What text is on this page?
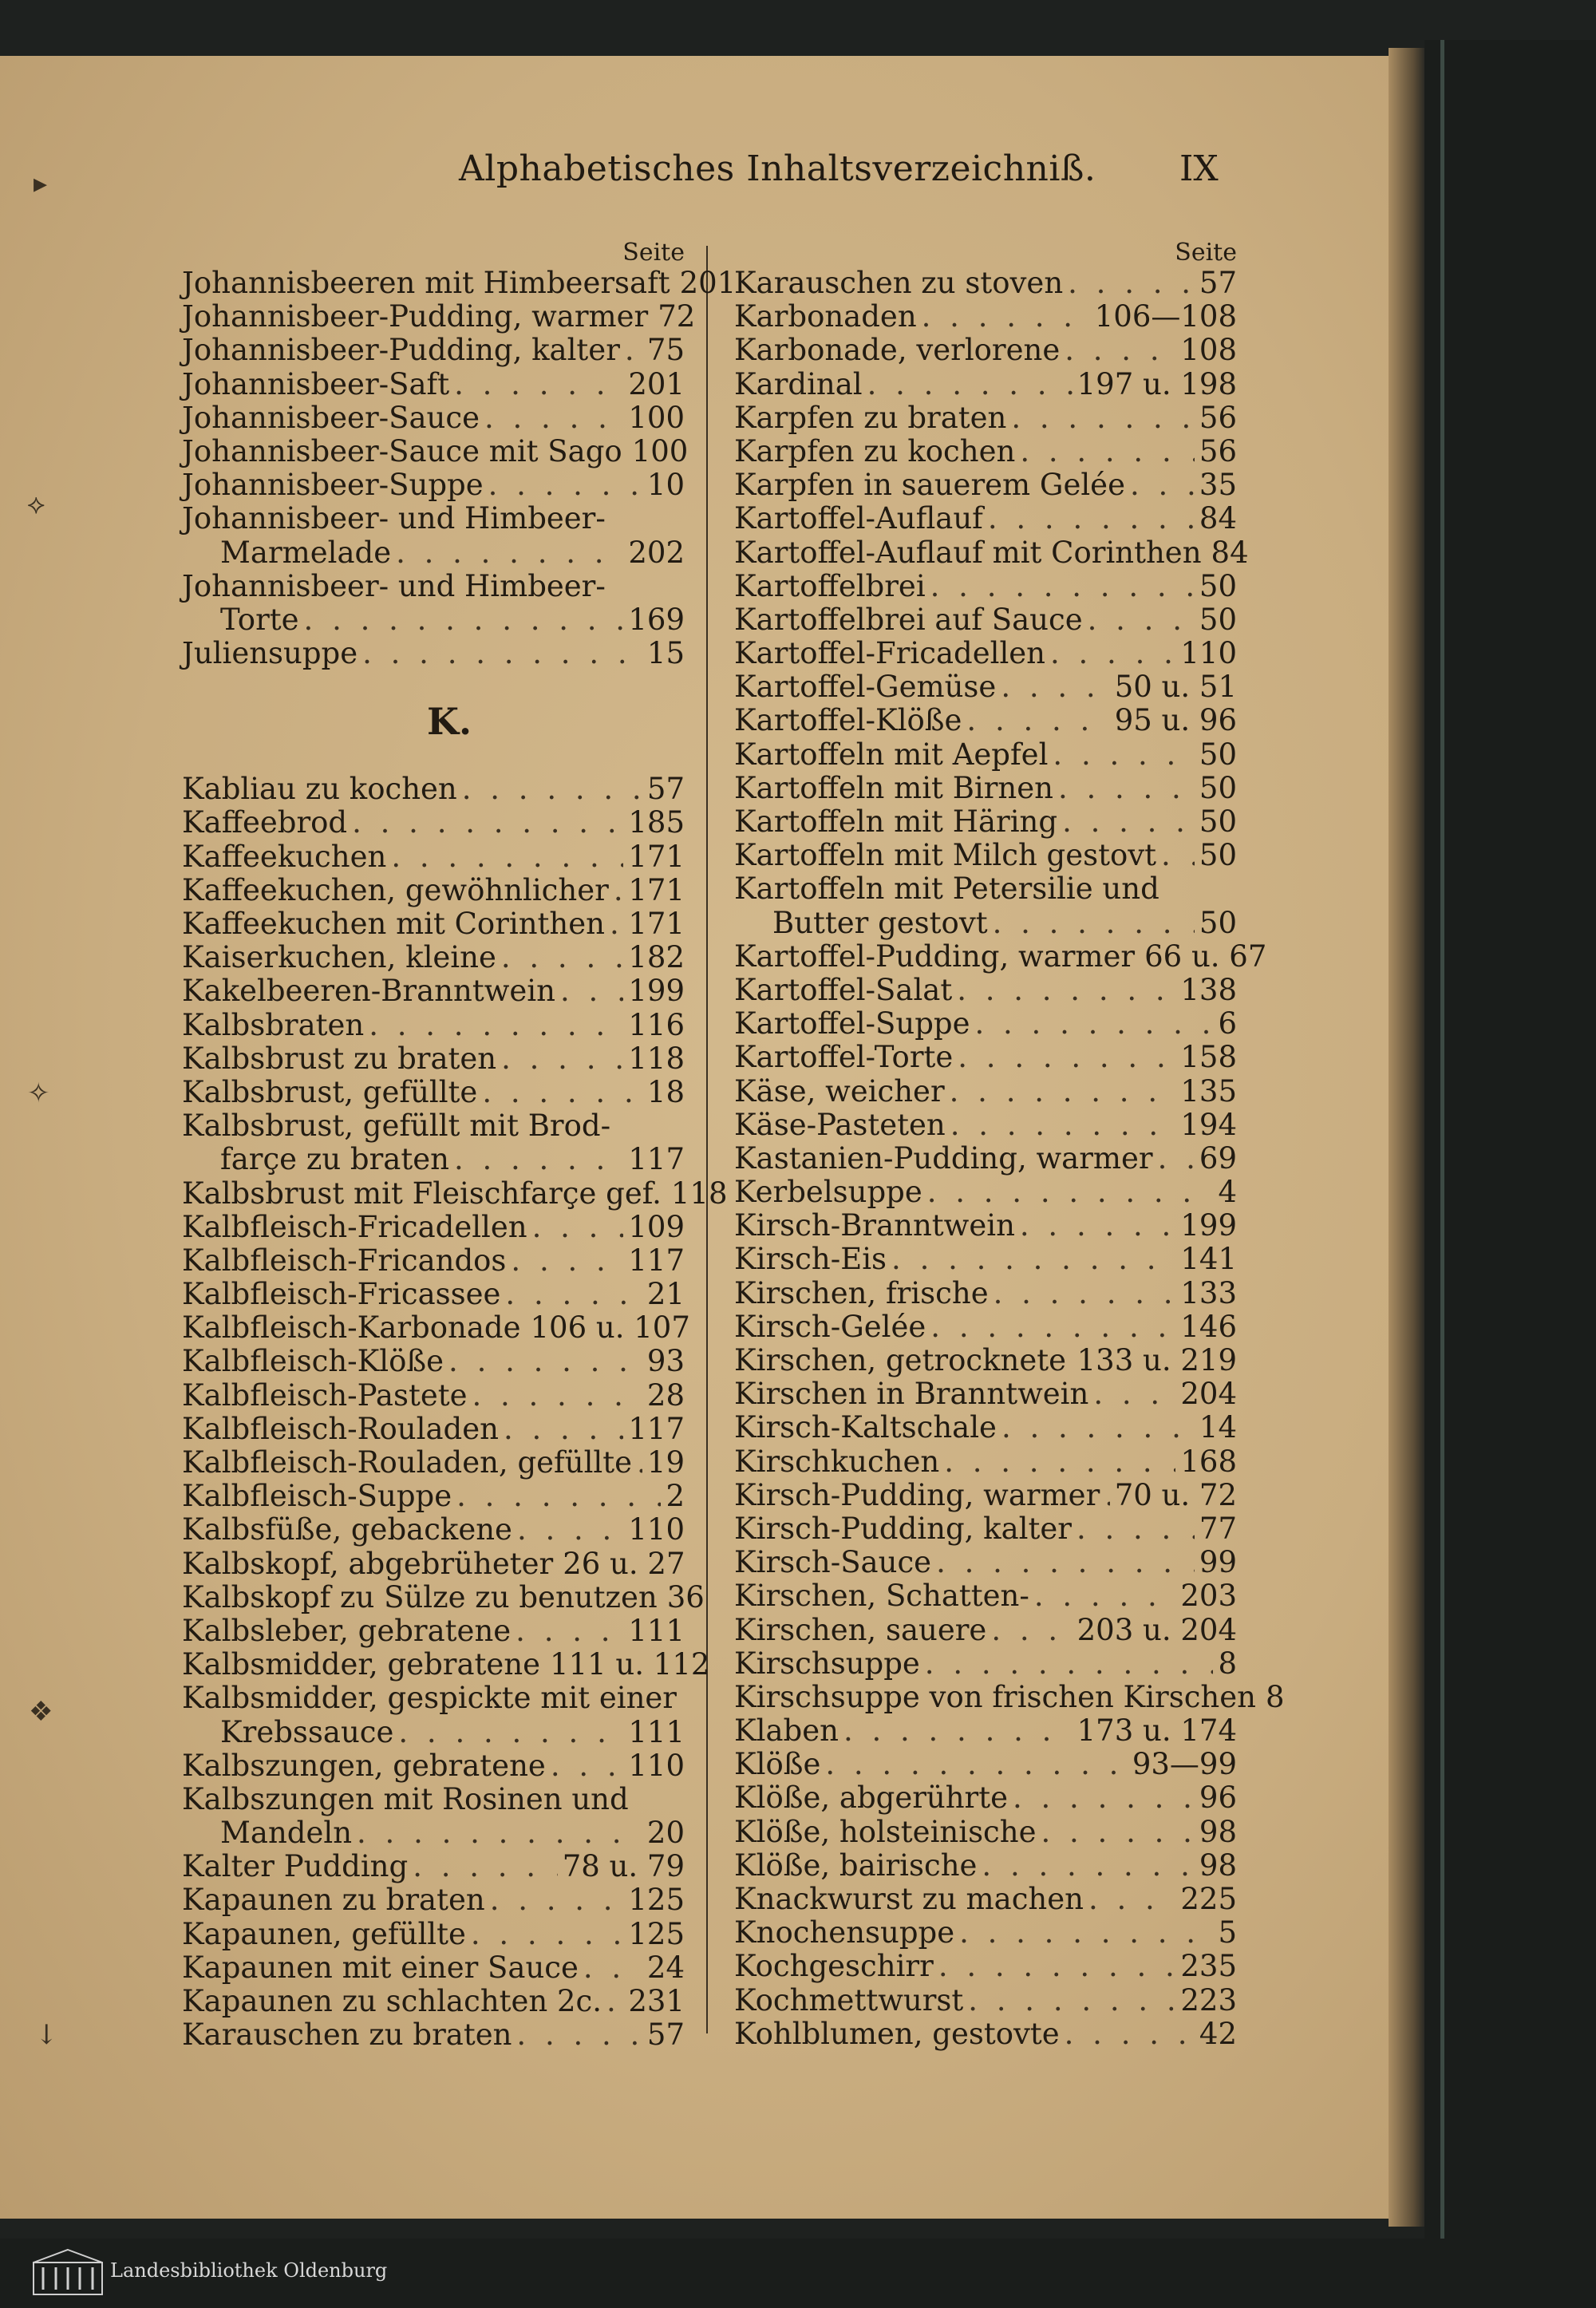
▸
⟡
✧
❖
↓
Alphabetisches Inhaltsverzeichniß. IX
Seite
Johannisbeeren mit Himbeersaft 201
Johannisbeer-Pudding, warmer 72
Johannisbeer-Pudding, kalter . . . 75
Johannisbeer-Saft . . .	201
Johannisbeer-Sauce . . .	100
Johannisbeer-Sauce mit Sago 100
Johannisbeer-Suppe . . .	10
Johannisbeer- und Himbeer-
Marmelade . . .	202
Johannisbeer- und Himbeer-
Torte . . .	169
Juliensuppe . . .	15
K.
Kabliau zu kochen . . .	57
Kaffeebrod . . .	185
Kaffeekuchen . . .	171
Kaffeekuchen, gewöhnlicher . . . 171
Kaffeekuchen mit Corinthen . . . 171
Kaiserkuchen, kleine . . .	182
Kakelbeeren-Branntwein . . . 199
Kalbsbraten . . .	116
Kalbsbrust zu braten . . .	118
Kalbsbrust, gefüllte . . .	18
Kalbsbrust, gefüllt mit Brod-
farçe zu braten . . .	117
Kalbsbrust mit Fleischfarçe gef. 118
Kalbfleisch-Fricadellen . . .	109
Kalbfleisch-Fricandos . . .	117
Kalbfleisch-Fricassee . . .	21
Kalbfleisch-Karbonade 106 u. 107
Kalbfleisch-Klöße . . .	93
Kalbfleisch-Pastete . . .	28
Kalbfleisch-Rouladen . . .	117
Kalbfleisch-Rouladen, gefüllte . . . 19
Kalbfleisch-Suppe . . .	2
Kalbsfüße, gebackene . . .	110
Kalbskopf, abgebrüheter 26 u. 27
Kalbskopf zu Sülze zu benutzen 36
Kalbsleber, gebratene . . .	111
Kalbsmidder, gebratene 111 u. 112
Kalbsmidder, gespickte mit einer
Krebssauce . . .	111
Kalbszungen, gebratene . . .	110
Kalbszungen mit Rosinen und
Mandeln . . .	20
Kalter Pudding . . .	78 u. 79
Kapaunen zu braten . . .	125
Kapaunen, gefüllte . . .	125
Kapaunen mit einer Sauce . . . 24
Kapaunen zu schlachten 2c. . . . 231
Karauschen zu braten . . .	57
Seite
Karauschen zu stoven . . .	57
Karbonaden . . .	106—108
Karbonade, verlorene . . .	108
Kardinal . . .	197 u. 198
Karpfen zu braten . . .	56
Karpfen zu kochen . . .	56
Karpfen in sauerem Gelée . . .	35
Kartoffel-Auflauf . . .	84
Kartoffel-Auflauf mit Corinthen 84
Kartoffelbrei . . .	50
Kartoffelbrei auf Sauce . . .	50
Kartoffel-Fricadellen . . .	110
Kartoffel-Gemüse . . .	50 u. 51
Kartoffel-Klöße . . .	95 u. 96
Kartoffeln mit Aepfel . . .	50
Kartoffeln mit Birnen . . .	50
Kartoffeln mit Häring . . .	50
Kartoffeln mit Milch gestovt . . . 50
Kartoffeln mit Petersilie und
Butter gestovt . . .	50
Kartoffel-Pudding, warmer 66 u. 67
Kartoffel-Salat . . .	138
Kartoffel-Suppe . . .	6
Kartoffel-Torte . . .	158
Käse, weicher . . .	135
Käse-Pasteten . . .	194
Kastanien-Pudding, warmer . . . 69
Kerbelsuppe . . .	4
Kirsch-Branntwein . . .	199
Kirsch-Eis . . .	141
Kirschen, frische . . .	133
Kirsch-Gelée . . .	146
Kirschen, getrocknete . . . 133 u. 219
Kirschen in Branntwein . . .	204
Kirsch-Kaltschale . . .	14
Kirschkuchen . . .	168
Kirsch-Pudding, warmer . . . 70 u. 72
Kirsch-Pudding, kalter . . .	77
Kirsch-Sauce . . .	99
Kirschen, Schatten- . . .	203
Kirschen, sauere . . .	203 u. 204
Kirschsuppe . . .	8
Kirschsuppe von frischen Kirschen 8
Klaben . . .	173 u. 174
Klöße . . .	93—99
Klöße, abgerührte . . .	96
Klöße, holsteinische . . .	98
Klöße, bairische . . .	98
Knackwurst zu machen . . .	225
Knochensuppe . . .	5
Kochgeschirr . . .	235
Kochmettwurst . . .	223
Kohlblumen, gestovte . . .	42
Landesbibliothek Oldenburg
